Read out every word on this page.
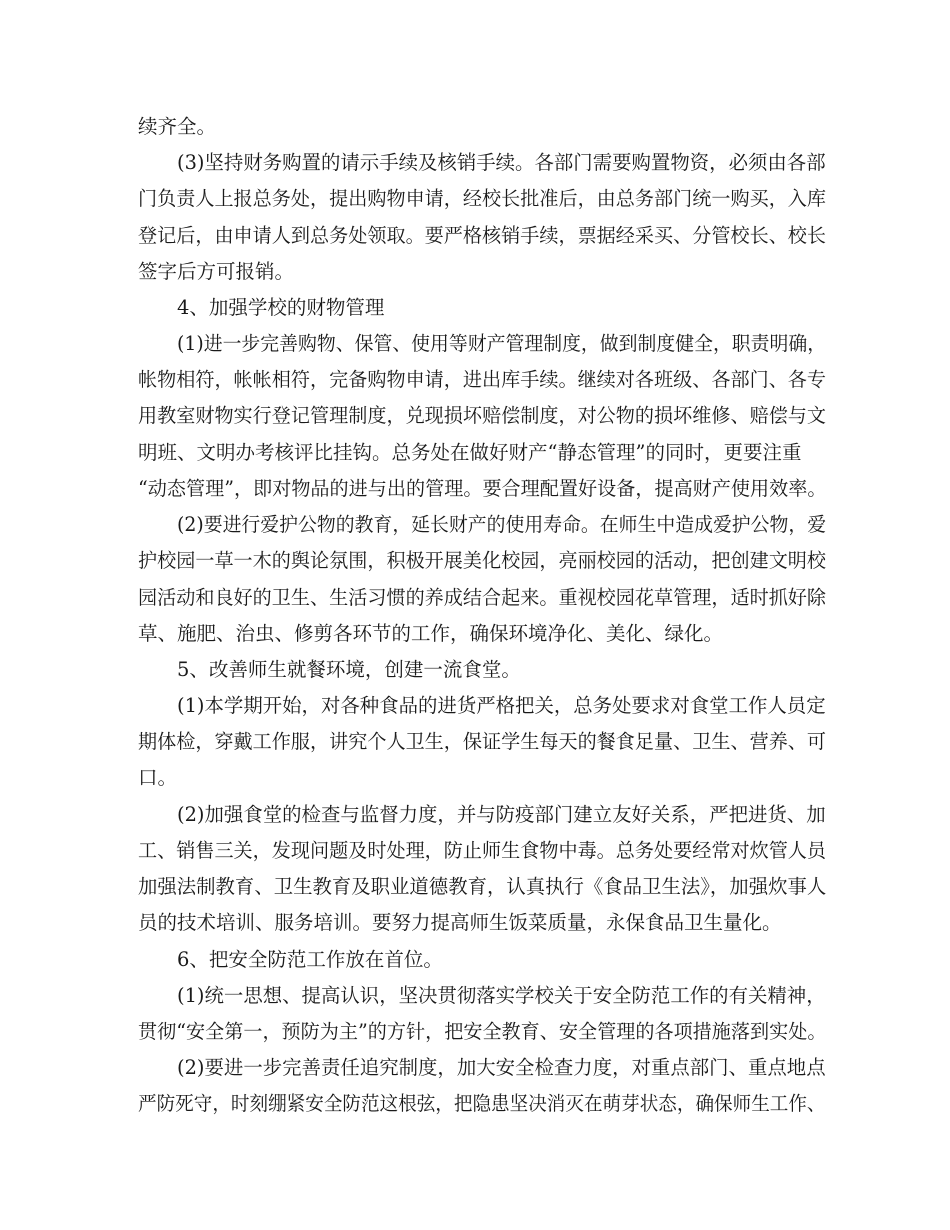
续齐全。
(3)坚持财务购置的请示手续及核销手续。各部门需要购置物资，必须由各部
门负责人上报总务处，提出购物申请，经校长批准后，由总务部门统一购买，入库
登记后，由申请人到总务处领取。要严格核销手续，票据经采买、分管校长、校长
签字后方可报销。
4、加强学校的财物管理
(1)进一步完善购物、保管、使用等财产管理制度，做到制度健全，职责明确，
帐物相符，帐帐相符，完备购物申请，进出库手续。继续对各班级、各部门、各专
用教室财物实行登记管理制度，兑现损坏赔偿制度，对公物的损坏维修、赔偿与文
明班、文明办考核评比挂钩。总务处在做好财产“静态管理”的同时，更要注重
“动态管理”，即对物品的进与出的管理。要合理配置好设备，提高财产使用效率。
(2)要进行爱护公物的教育，延长财产的使用寿命。在师生中造成爱护公物，爱
护校园一草一木的舆论氛围，积极开展美化校园，亮丽校园的活动，把创建文明校
园活动和良好的卫生、生活习惯的养成结合起来。重视校园花草管理，适时抓好除
草、施肥、治虫、修剪各环节的工作，确保环境净化、美化、绿化。
5、改善师生就餐环境，创建一流食堂。
(1)本学期开始，对各种食品的进货严格把关，总务处要求对食堂工作人员定
期体检，穿戴工作服，讲究个人卫生，保证学生每天的餐食足量、卫生、营养、可
口。
(2)加强食堂的检查与监督力度，并与防疫部门建立友好关系，严把进货、加
工、销售三关，发现问题及时处理，防止师生食物中毒。总务处要经常对炊管人员
加强法制教育、卫生教育及职业道德教育，认真执行《食品卫生法》，加强炊事人
员的技术培训、服务培训。要努力提高师生饭菜质量，永保食品卫生量化。
6、把安全防范工作放在首位。
(1)统一思想、提高认识，坚决贯彻落实学校关于安全防范工作的有关精神，
贯彻“安全第一，预防为主”的方针，把安全教育、安全管理的各项措施落到实处。
(2)要进一步完善责任追究制度，加大安全检查力度，对重点部门、重点地点
严防死守，时刻绷紧安全防范这根弦，把隐患坚决消灭在萌芽状态，确保师生工作、
